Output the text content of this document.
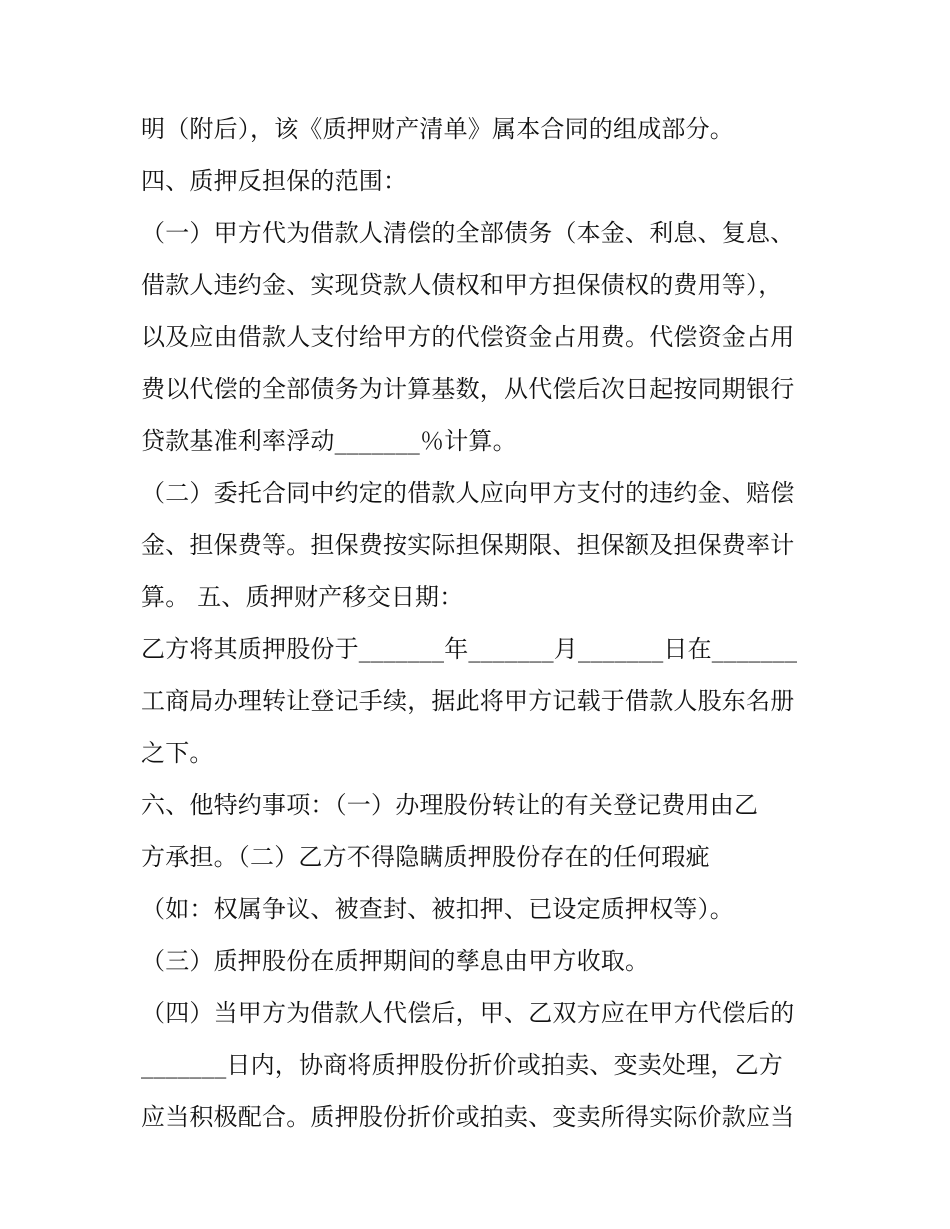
明（附后），该《质押财产清单》属本合同的组成部分。
四、质押反担保的范围：
（一）甲方代为借款人清偿的全部债务（本金、利息、复息、
借款人违约金、实现贷款人债权和甲方担保债权的费用等），
以及应由借款人支付给甲方的代偿资金占用费。代偿资金占用
费以代偿的全部债务为计算基数，从代偿后次日起按同期银行
贷款基准利率浮动_______％计算。
（二）委托合同中约定的借款人应向甲方支付的违约金、赔偿
金、担保费等。担保费按实际担保期限、担保额及担保费率计
算。 五、质押财产移交日期：
乙方将其质押股份于_______年_______月_______日在_______
工商局办理转让登记手续，据此将甲方记载于借款人股东名册
之下。
六、他特约事项：（一）办理股份转让的有关登记费用由乙
方承担。（二）乙方不得隐瞒质押股份存在的任何瑕疵
（如：权属争议、被查封、被扣押、已设定质押权等）。
（三）质押股份在质押期间的孳息由甲方收取。
（四）当甲方为借款人代偿后，甲、乙双方应在甲方代偿后的
_______日内，协商将质押股份折价或拍卖、变卖处理，乙方
应当积极配合。质押股份折价或拍卖、变卖所得实际价款应当
